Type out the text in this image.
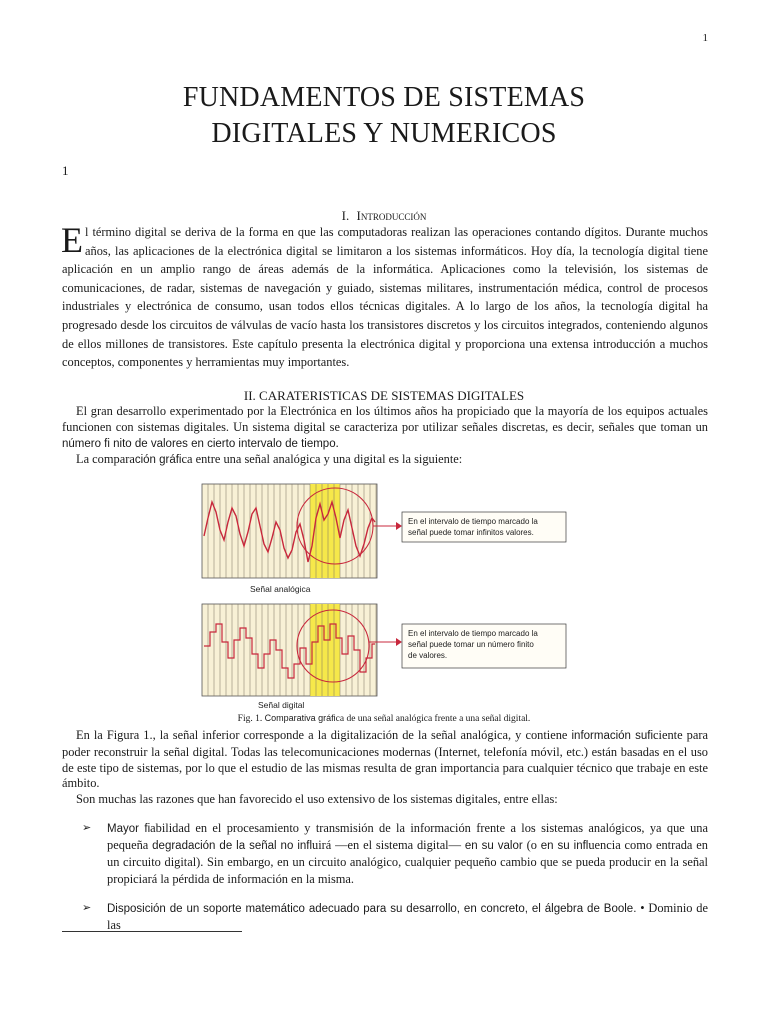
1
FUNDAMENTOS DE SISTEMAS
DIGITALES Y NUMERICOS
1
I. Introducción
El término digital se deriva de la forma en que las computadoras realizan las operaciones contando dígitos. Durante muchos años, las aplicaciones de la electrónica digital se limitaron a los sistemas informáticos. Hoy día, la tecnología digital tiene aplicación en un amplio rango de áreas además de la informática. Aplicaciones como la televisión, los sistemas de comunicaciones, de radar, sistemas de navegación y guiado, sistemas militares, instrumentación médica, control de procesos industriales y electrónica de consumo, usan todos ellos técnicas digitales. A lo largo de los años, la tecnología digital ha progresado desde los circuitos de válvulas de vacío hasta los transistores discretos y los circuitos integrados, conteniendo algunos de ellos millones de transistores. Este capítulo presenta la electrónica digital y proporciona una extensa introducción a muchos conceptos, componentes y herramientas muy importantes.
II. CARATERISTICAS DE SISTEMAS DIGITALES
El gran desarrollo experimentado por la Electrónica en los últimos años ha propiciado que la mayoría de los equipos actuales funcionen con sistemas digitales. Un sistema digital se caracteriza por utilizar señales discretas, es decir, señales que toman un número fi nito de valores en cierto intervalo de tiempo.
La comparación gráfica entre una señal analógica y una digital es la siguiente:
En el intervalo de tiempo marcado la
señal puede tomar infinitos valores.
Señal analógica
En el intervalo de tiempo marcado la
señal puede tomar un número finito
de valores.
Señal digital
Fig. 1. Comparativa gráfica de una señal analógica frente a una señal digital.
En la Figura 1., la señal inferior corresponde a la digitalización de la señal analógica, y contiene información suficiente para poder reconstruir la señal digital. Todas las telecomunicaciones modernas (Internet, telefonía móvil, etc.) están basadas en el uso de este tipo de sistemas, por lo que el estudio de las mismas resulta de gran importancia para cualquier técnico que trabaje en este ámbito.
Son muchas las razones que han favorecido el uso extensivo de los sistemas digitales, entre ellas:
➢	Mayor fiabilidad en el procesamiento y transmisión de la información frente a los sistemas analógicos, ya que una pequeña degradación de la señal no influirá —en el sistema digital— en su valor (o en su influencia como entrada en un circuito digital). Sin embargo, en un circuito analógico, cualquier pequeño cambio que se pueda producir en la señal propiciará la pérdida de información en la misma.
➢	Disposición de un soporte matemático adecuado para su desarrollo, en concreto, el álgebra de Boole. • Dominio de las
